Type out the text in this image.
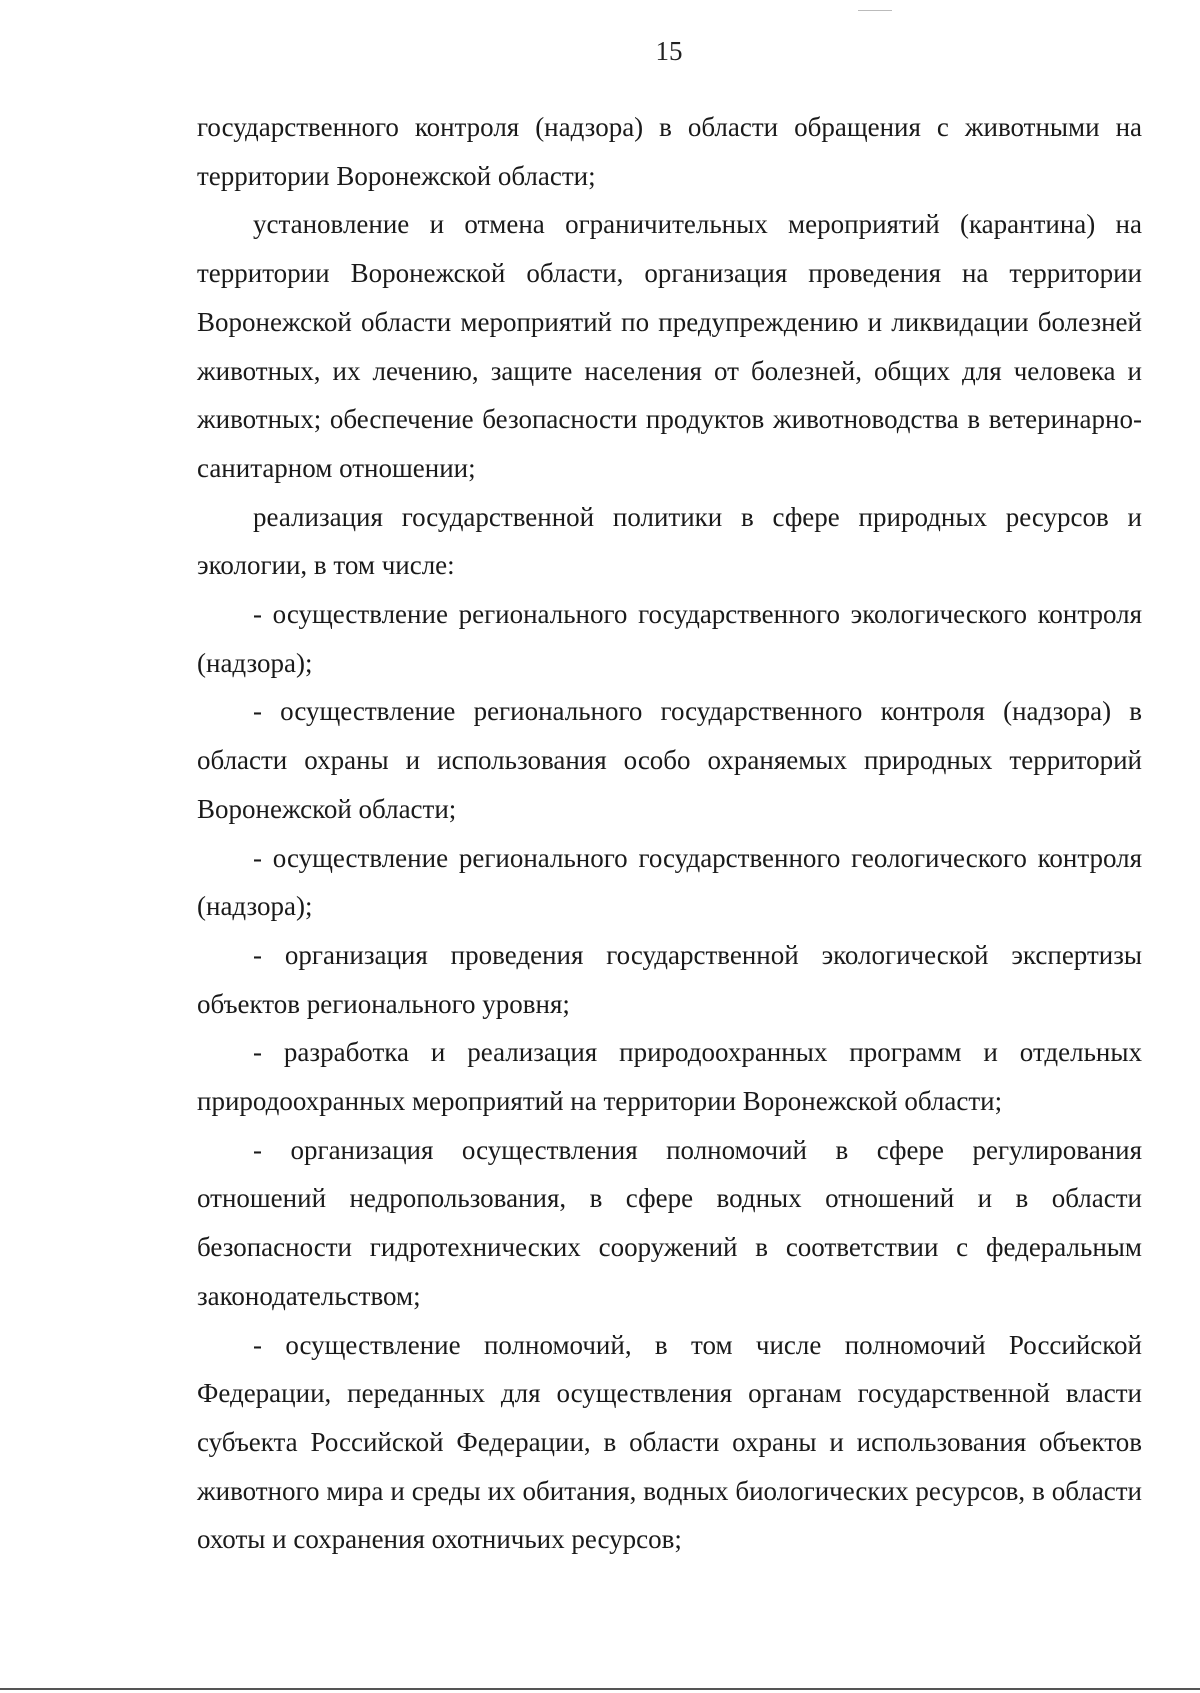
15

государственного контроля (надзора) в области обращения с животными на территории Воронежской области;

установление и отмена ограничительных мероприятий (карантина) на территории Воронежской области, организация проведения на территории Воронежской области мероприятий по предупреждению и ликвидации болезней животных, их лечению, защите населения от болезней, общих для человека и животных; обеспечение безопасности продуктов животноводства в ветеринарно-санитарном отношении;

реализация государственной политики в сфере природных ресурсов и экологии, в том числе:

- осуществление регионального государственного экологического контроля (надзора);

- осуществление регионального государственного контроля (надзора) в области охраны и использования особо охраняемых природных территорий Воронежской области;

- осуществление регионального государственного геологического контроля (надзора);

- организация проведения государственной экологической экспертизы объектов регионального уровня;

- разработка и реализация природоохранных программ и отдельных природоохранных мероприятий на территории Воронежской области;

- организация осуществления полномочий в сфере регулирования отношений недропользования, в сфере водных отношений и в области безопасности гидротехнических сооружений в соответствии с федеральным законодательством;

- осуществление полномочий, в том числе полномочий Российской Федерации, переданных для осуществления органам государственной власти субъекта Российской Федерации, в области охраны и использования объектов животного мира и среды их обитания, водных биологических ресурсов, в области охоты и сохранения охотничьих ресурсов;
